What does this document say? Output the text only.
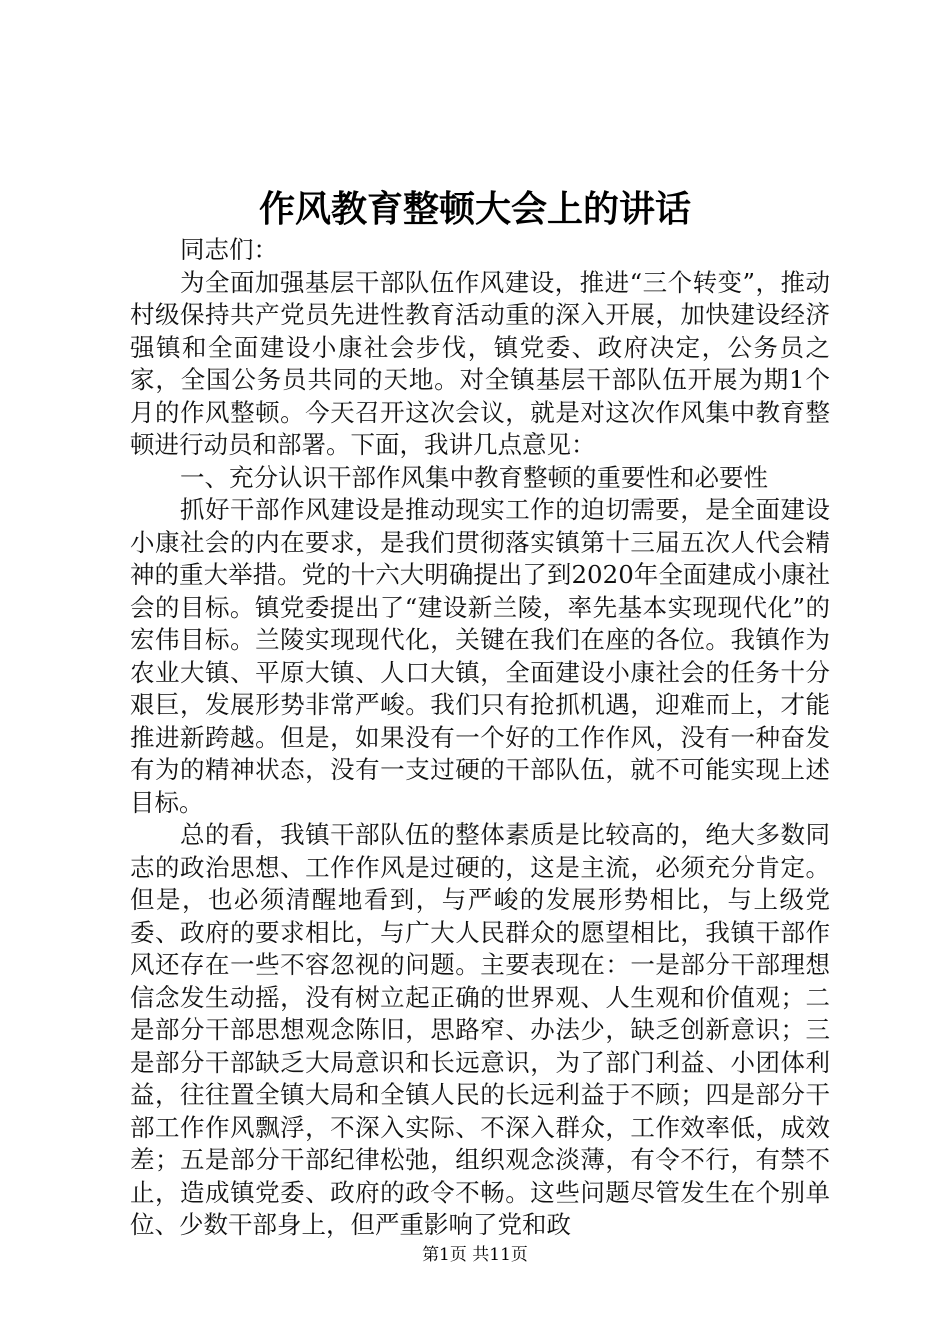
作风教育整顿大会上的讲话

同志们：

为全面加强基层干部队伍作风建设，推进“三个转变”，推动村级保持共产党员先进性教育活动重的深入开展，加快建设经济强镇和全面建设小康社会步伐，镇党委、政府决定，公务员之家，全国公务员共同的天地。对全镇基层干部队伍开展为期1个月的作风整顿。今天召开这次会议，就是对这次作风集中教育整顿进行动员和部署。下面，我讲几点意见：

一、充分认识干部作风集中教育整顿的重要性和必要性

抓好干部作风建设是推动现实工作的迫切需要，是全面建设小康社会的内在要求，是我们贯彻落实镇第十三届五次人代会精神的重大举措。党的十六大明确提出了到2020年全面建成小康社会的目标。镇党委提出了“建设新兰陵，率先基本实现现代化”的宏伟目标。兰陵实现现代化，关键在我们在座的各位。我镇作为农业大镇、平原大镇、人口大镇，全面建设小康社会的任务十分艰巨，发展形势非常严峻。我们只有抢抓机遇，迎难而上，才能推进新跨越。但是，如果没有一个好的工作作风，没有一种奋发有为的精神状态，没有一支过硬的干部队伍，就不可能实现上述目标。

总的看，我镇干部队伍的整体素质是比较高的，绝大多数同志的政治思想、工作作风是过硬的，这是主流，必须充分肯定。但是，也必须清醒地看到，与严峻的发展形势相比，与上级党委、政府的要求相比，与广大人民群众的愿望相比，我镇干部作风还存在一些不容忽视的问题。主要表现在：一是部分干部理想信念发生动摇，没有树立起正确的世界观、人生观和价值观；二是部分干部思想观念陈旧，思路窄、办法少，缺乏创新意识；三是部分干部缺乏大局意识和长远意识，为了部门利益、小团体利益，往往置全镇大局和全镇人民的长远利益于不顾；四是部分干部工作作风飘浮，不深入实际、不深入群众，工作效率低，成效差；五是部分干部纪律松弛，组织观念淡薄，有令不行，有禁不止，造成镇党委、政府的政令不畅。这些问题尽管发生在个别单位、少数干部身上，但严重影响了党和政

第1页 共11页
